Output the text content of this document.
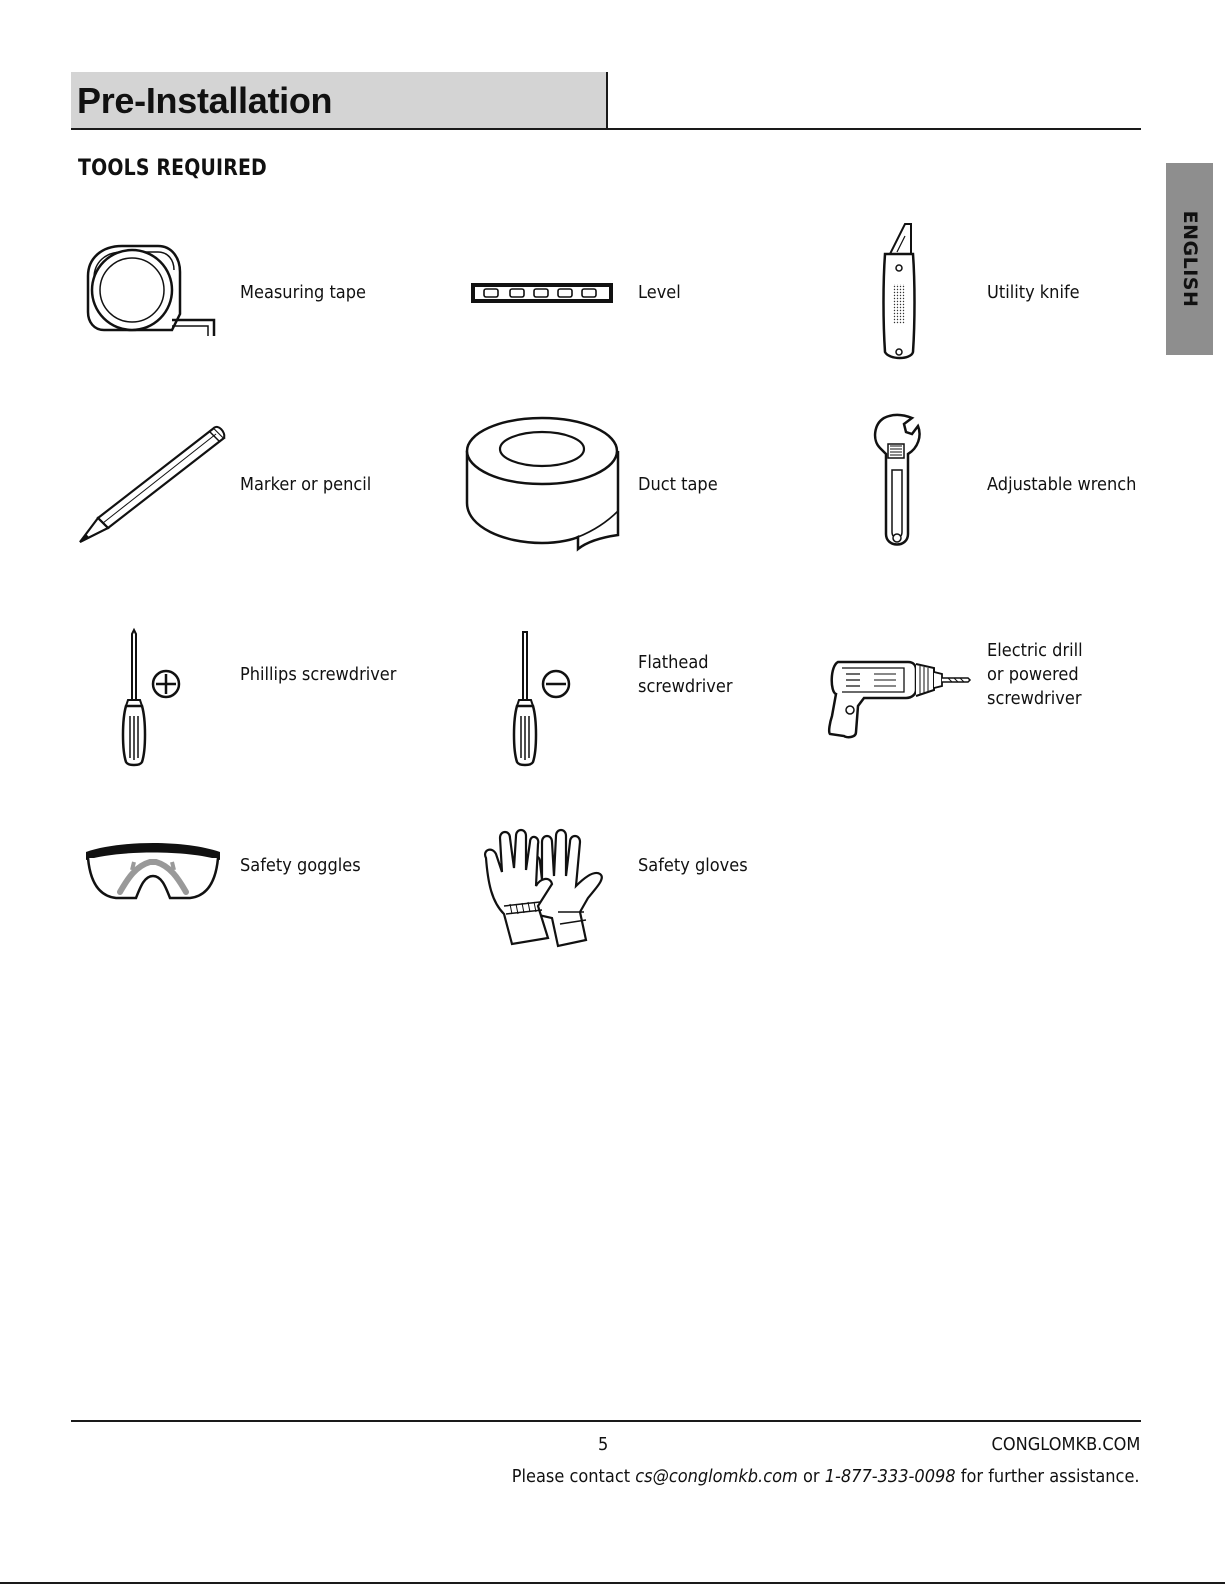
Pre-Installation
TOOLS REQUIRED
ENGLISH
Measuring tape	Level	Utility knife
Marker or pencil	Duct tape	Adjustable wrench
Phillips screwdriver
Flathead
screwdriver
Electric drill
or powered
screwdriver
Safety goggles	Safety gloves
5	CONGLOMKB.COM
Please contact cs@conglomkb.com or 1-877-333-0098 for further assistance.
